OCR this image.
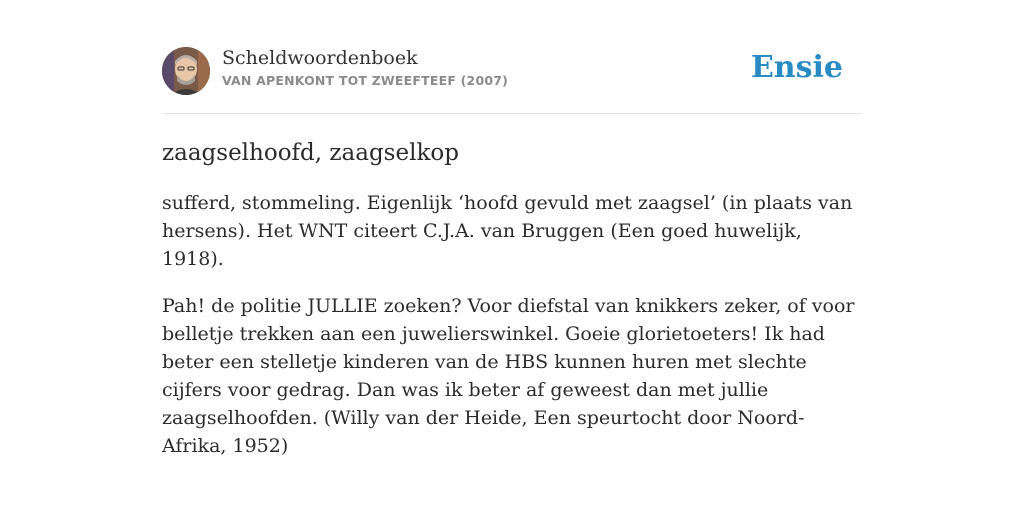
Scheldwoordenboek
VAN APENKONT TOT ZWEEFTEEF (2007)	Ensie
zaagselhoofd, zaagselkop
sufferd, stommeling. Eigenlijk ‘hoofd gevuld met zaagsel’ (in plaats van hersens). Het WNT citeert C.J.A. van Bruggen (Een goed huwelijk, 1918).
Pah! de politie JULLIE zoeken? Voor diefstal van knikkers zeker, of voor belletje trekken aan een juwelierswinkel. Goeie glorietoeters! Ik had beter een stelletje kinderen van de HBS kunnen huren met slechte cijfers voor gedrag. Dan was ik beter af geweest dan met jullie zaagselhoofden. (Willy van der Heide, Een speurtocht door Noord-Afrika, 1952)
